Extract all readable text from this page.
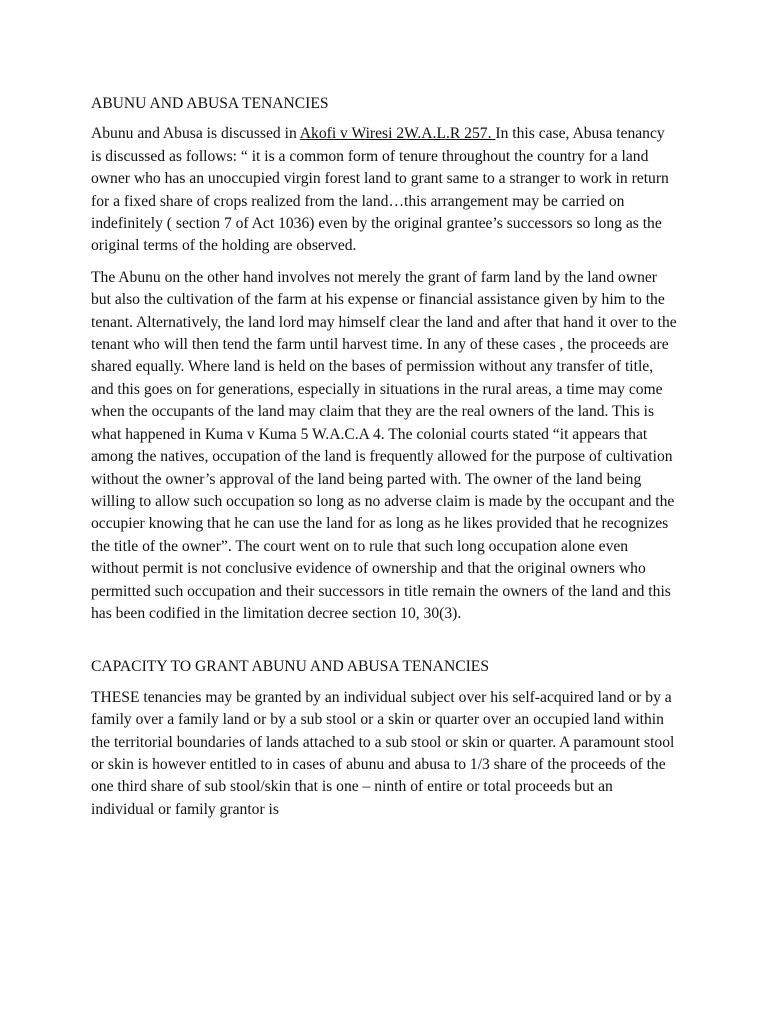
ABUNU AND ABUSA TENANCIES

Abunu and Abusa is discussed in Akofi v Wiresi 2W.A.L.R 257. In this case, Abusa tenancy is discussed as follows: “ it is a common form of tenure throughout the country for a land owner who has an unoccupied virgin forest land to grant same to a stranger to work in return for a fixed share of crops realized from the land…this arrangement may be carried on indefinitely ( section 7 of Act 1036) even by the original grantee’s successors so long as the original terms of the holding are observed.

The Abunu on the other hand involves not merely the grant of farm land by the land owner but also the cultivation of the farm at his expense or financial assistance given by him to the tenant. Alternatively, the land lord may himself clear the land and after that hand it over to the tenant who will then tend the farm until harvest time. In any of these cases , the proceeds are shared equally. Where land is held on the bases of permission without any transfer of title, and this goes on for generations, especially in situations in the rural areas, a time may come when the occupants of the land may claim that they are the real owners of the land. This is what happened in Kuma v Kuma 5 W.A.C.A 4. The colonial courts stated “it appears that among the natives, occupation of the land is frequently allowed for the purpose of cultivation without the owner’s approval of the land being parted with. The owner of the land being willing to allow such occupation so long as no adverse claim is made by the occupant and the occupier knowing that he can use the land for as long as he likes provided that he recognizes the title of the owner”. The court went on to rule that such long occupation alone even without permit is not conclusive evidence of ownership and that the original owners who permitted such occupation and their successors in title remain the owners of the land and this has been codified in the limitation decree section 10, 30(3).

CAPACITY TO GRANT ABUNU AND ABUSA TENANCIES

THESE tenancies may be granted by an individual subject over his self-acquired land or by a family over a family land or by a sub stool or a skin or quarter over an occupied land within the territorial boundaries of lands attached to a sub stool or skin or quarter. A paramount stool or skin is however entitled to in cases of abunu and abusa to 1/3 share of the proceeds of the one third share of sub stool/skin that is one – ninth of entire or total proceeds but an individual or family grantor is
